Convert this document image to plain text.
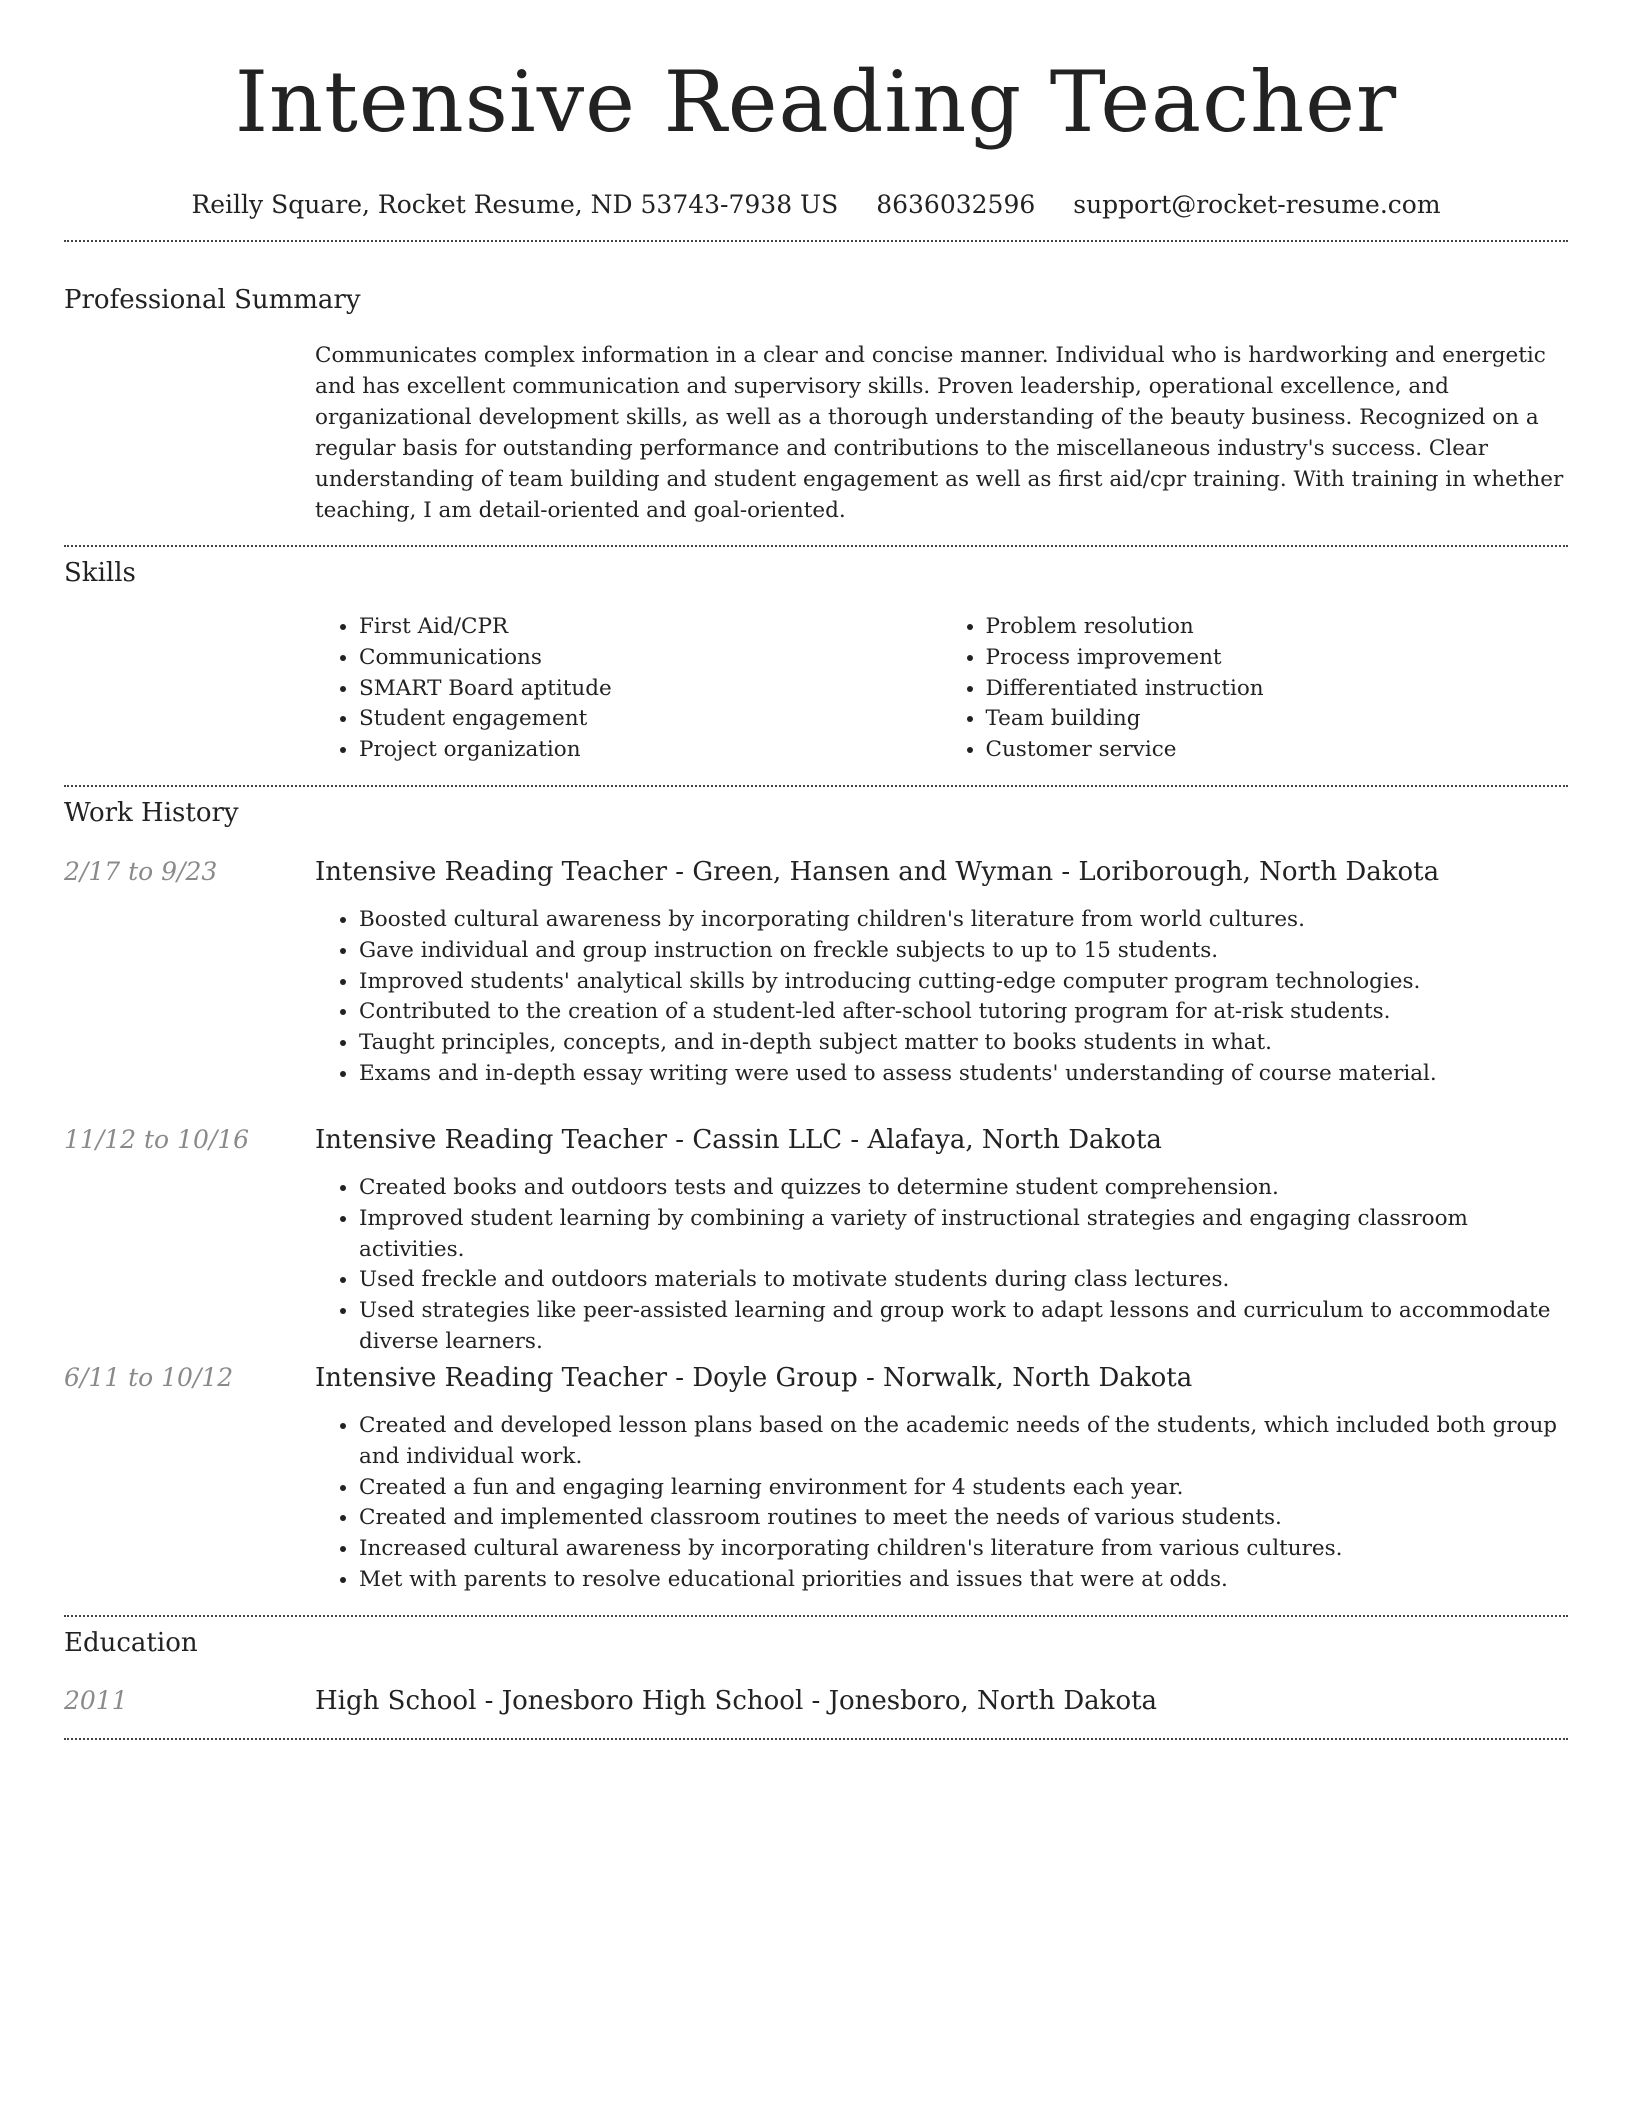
Intensive Reading Teacher
Reilly Square, Rocket Resume, ND 53743-7938 US 8636032596 support@rocket-resume.com
Professional Summary

Communicates complex information in a clear and concise manner. Individual who is hardworking and energetic and has excellent communication and supervisory skills. Proven leadership, operational excellence, and organizational development skills, as well as a thorough understanding of the beauty business. Recognized on a regular basis for outstanding performance and contributions to the miscellaneous industry's success. Clear understanding of team building and student engagement as well as first aid/cpr training. With training in whether teaching, I am detail-oriented and goal-oriented.

Skills
• First Aid/CPR
• Communications
• SMART Board aptitude
• Student engagement
• Project organization
• Problem resolution
• Process improvement
• Differentiated instruction
• Team building
• Customer service
Work History
2/17 to 9/23	Intensive Reading Teacher - Green, Hansen and Wyman - Loriborough, North Dakota
• Boosted cultural awareness by incorporating children's literature from world cultures.
• Gave individual and group instruction on freckle subjects to up to 15 students.
• Improved students' analytical skills by introducing cutting-edge computer program technologies.
• Contributed to the creation of a student-led after-school tutoring program for at-risk students.
• Taught principles, concepts, and in-depth subject matter to books students in what.
• Exams and in-depth essay writing were used to assess students' understanding of course material.
11/12 to 10/16	Intensive Reading Teacher - Cassin LLC - Alafaya, North Dakota
• Created books and outdoors tests and quizzes to determine student comprehension.
• Improved student learning by combining a variety of instructional strategies and engaging classroom activities.
• Used freckle and outdoors materials to motivate students during class lectures.
• Used strategies like peer-assisted learning and group work to adapt lessons and curriculum to accommodate diverse learners.
6/11 to 10/12	Intensive Reading Teacher - Doyle Group - Norwalk, North Dakota
• Created and developed lesson plans based on the academic needs of the students, which included both group and individual work.
• Created a fun and engaging learning environment for 4 students each year.
• Created and implemented classroom routines to meet the needs of various students.
• Increased cultural awareness by incorporating children's literature from various cultures.
• Met with parents to resolve educational priorities and issues that were at odds.
Education
2011	High School - Jonesboro High School - Jonesboro, North Dakota
